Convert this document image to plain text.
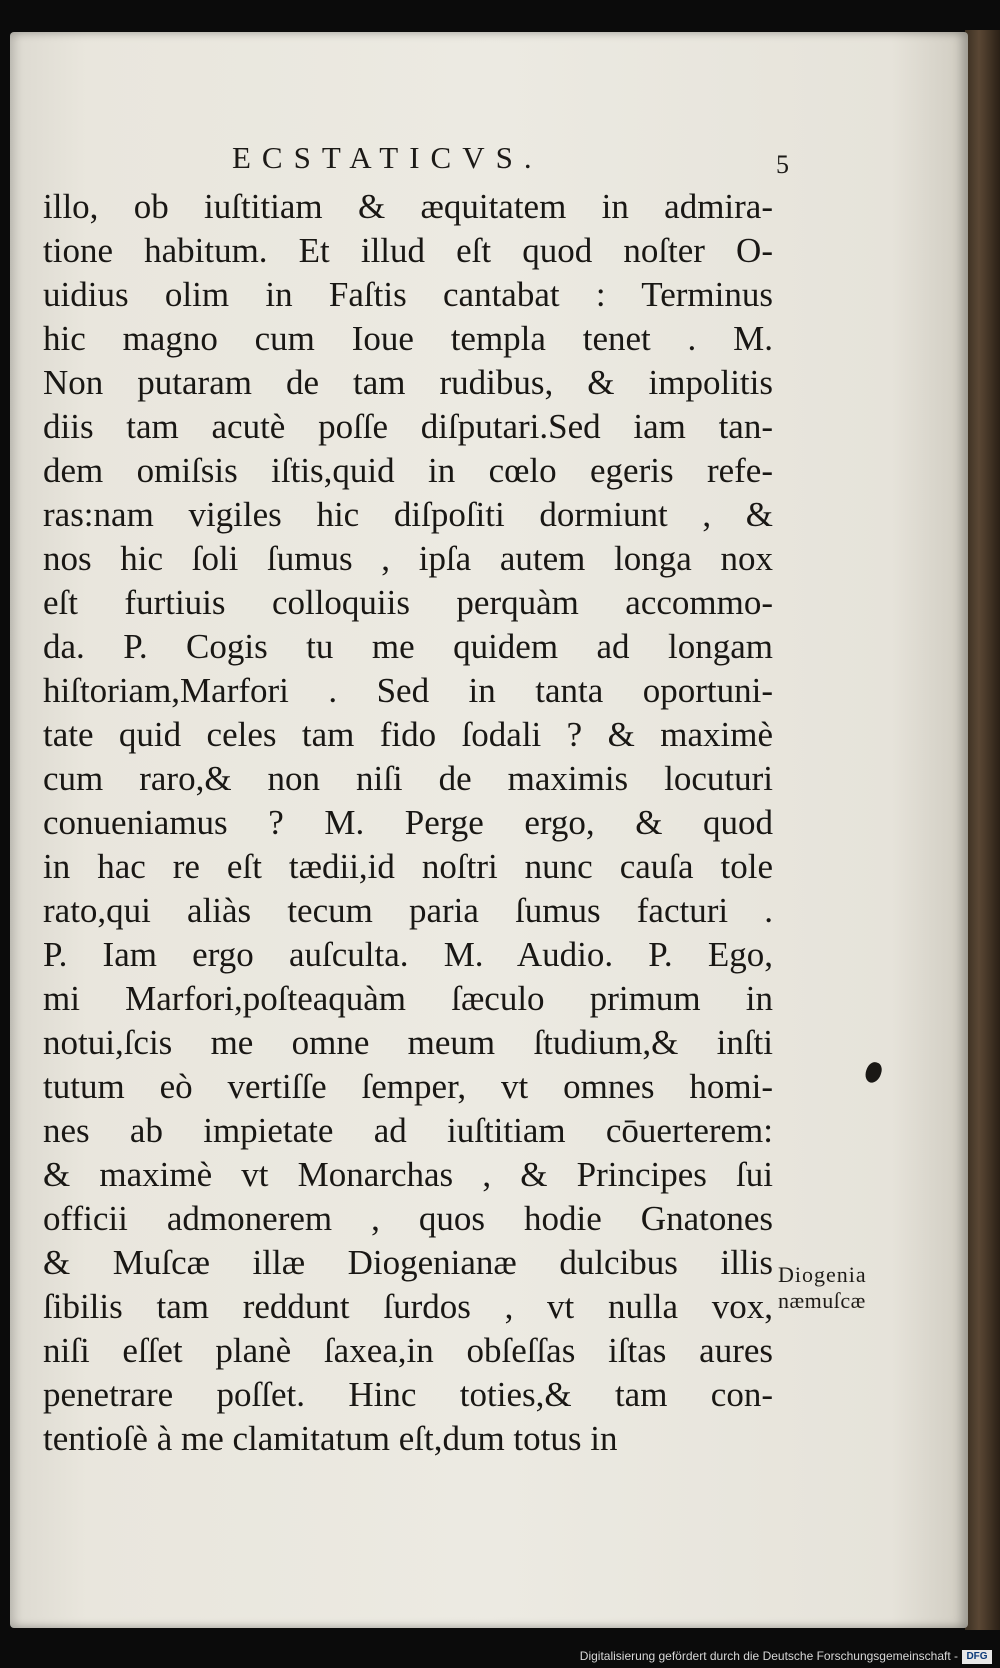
ECSTATICVS.	5
illo, ob iuſtitiam & æquitatem in admira-
tione habitum. Et illud eſt quod noſter O-
uidius olim in Faſtis cantabat : Terminus
hic magno cum Ioue templa tenet . M.
Non putaram de tam rudibus, & impolitis
diis tam acutè poſſe diſputari.Sed iam tan-
dem omiſsis iſtis,quid in cœlo egeris refe-
ras:nam vigiles hic diſpoſiti dormiunt , &
nos hic ſoli ſumus , ipſa autem longa nox
eſt furtiuis colloquiis perquàm accommo-
da. P. Cogis tu me quidem ad longam
hiſtoriam,Marfori . Sed in tanta oportuni-
tate quid celes tam fido ſodali ? & maximè
cum raro,& non niſi de maximis locuturi
conueniamus ? M. Perge ergo, & quod
in hac re eſt tædii,id noſtri nunc cauſa tole
rato,qui aliàs tecum paria ſumus facturi .
P. Iam ergo auſculta. M. Audio. P. Ego,
mi Marfori,poſteaquàm ſæculo primum in
notui,ſcis me omne meum ſtudium,& inſti
tutum eò vertiſſe ſemper, vt omnes homi-
nes ab impietate ad iuſtitiam cōuerterem:
& maximè vt Monarchas , & Principes ſui
officii admonerem , quos hodie Gnatones
& Muſcæ illæ Diogenianæ dulcibus illis
ſibilis tam reddunt ſurdos , vt nulla vox,
niſi eſſet planè ſaxea,in obſeſſas iſtas aures
penetrare poſſet. Hinc toties,& tam con-
tentioſè à me clamitatum eſt,dum totus in
Diogenia
næmuſcæ
Digitalisierung gefördert durch die Deutsche Forschungsgemeinschaft - DFG
